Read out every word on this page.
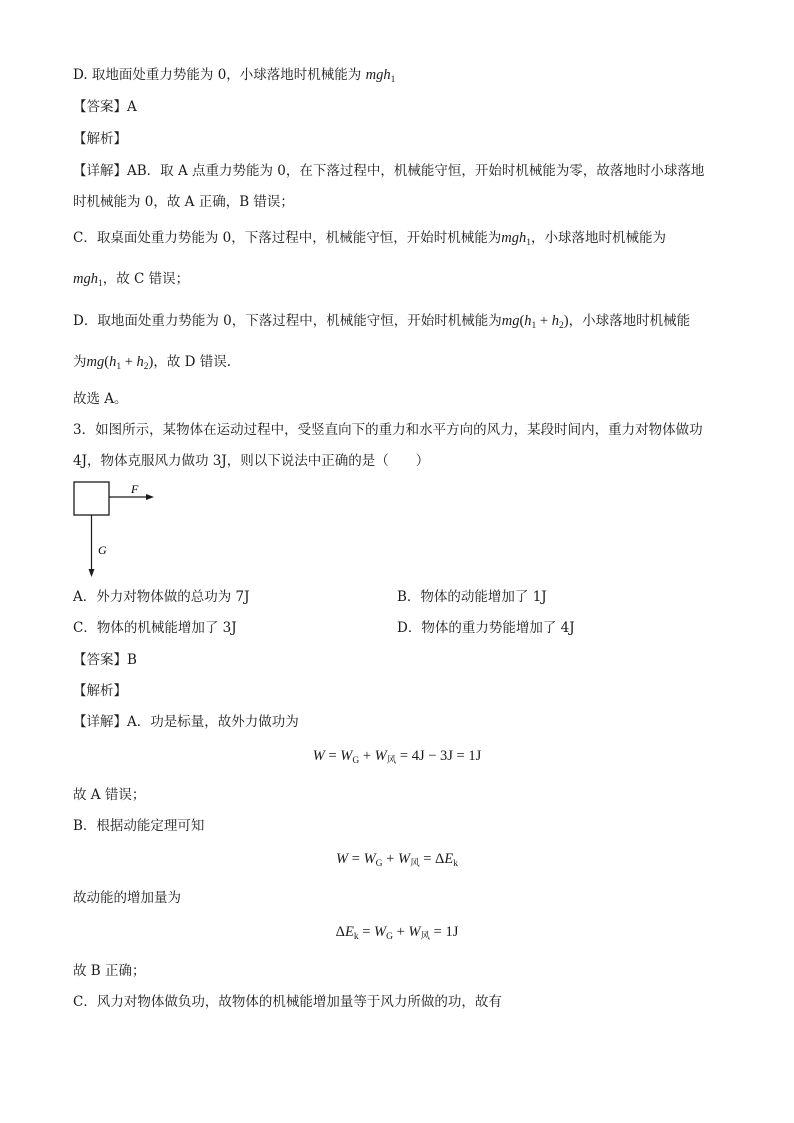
D. 取地面处重力势能为 0，小球落地时机械能为 mgh$_1$
【答案】A
【解析】
【详解】AB．取 A 点重力势能为 0，在下落过程中，机械能守恒，开始时机械能为零，故落地时小球落地
时机械能为 0，故 A 正确，B 错误；
C．取桌面处重力势能为 0，下落过程中，机械能守恒，开始时机械能为mgh$_1$，小球落地时机械能为
mgh$_1$，故 C 错误；
D．取地面处重力势能为 0，下落过程中，机械能守恒，开始时机械能为$mg(h_1 + h_2)$，小球落地时机械能
为$mg(h_1 + h_2)$，故 D 错误.
故选 A。
3．如图所示，某物体在运动过程中，受竖直向下的重力和水平方向的风力，某段时间内，重力对物体做功
4J，物体克服风力做功 3J，则以下说法中正确的是（　　）
F
G
A．外力对物体做的总功为 7J	B．物体的动能增加了 1J
C．物体的机械能增加了 3J	D．物体的重力势能增加了 4J
【答案】B
【解析】
【详解】A．功是标量，故外力做功为
$W = W_G + W_风 = 4J - 3J = 1J$
故 A 错误；
B．根据动能定理可知
$W = W_G + W_风 = \Delta E_k$
故动能的增加量为
$\Delta E_k = W_G + W_风 = 1J$
故 B 正确；
C．风力对物体做负功，故物体的机械能增加量等于风力所做的功，故有
